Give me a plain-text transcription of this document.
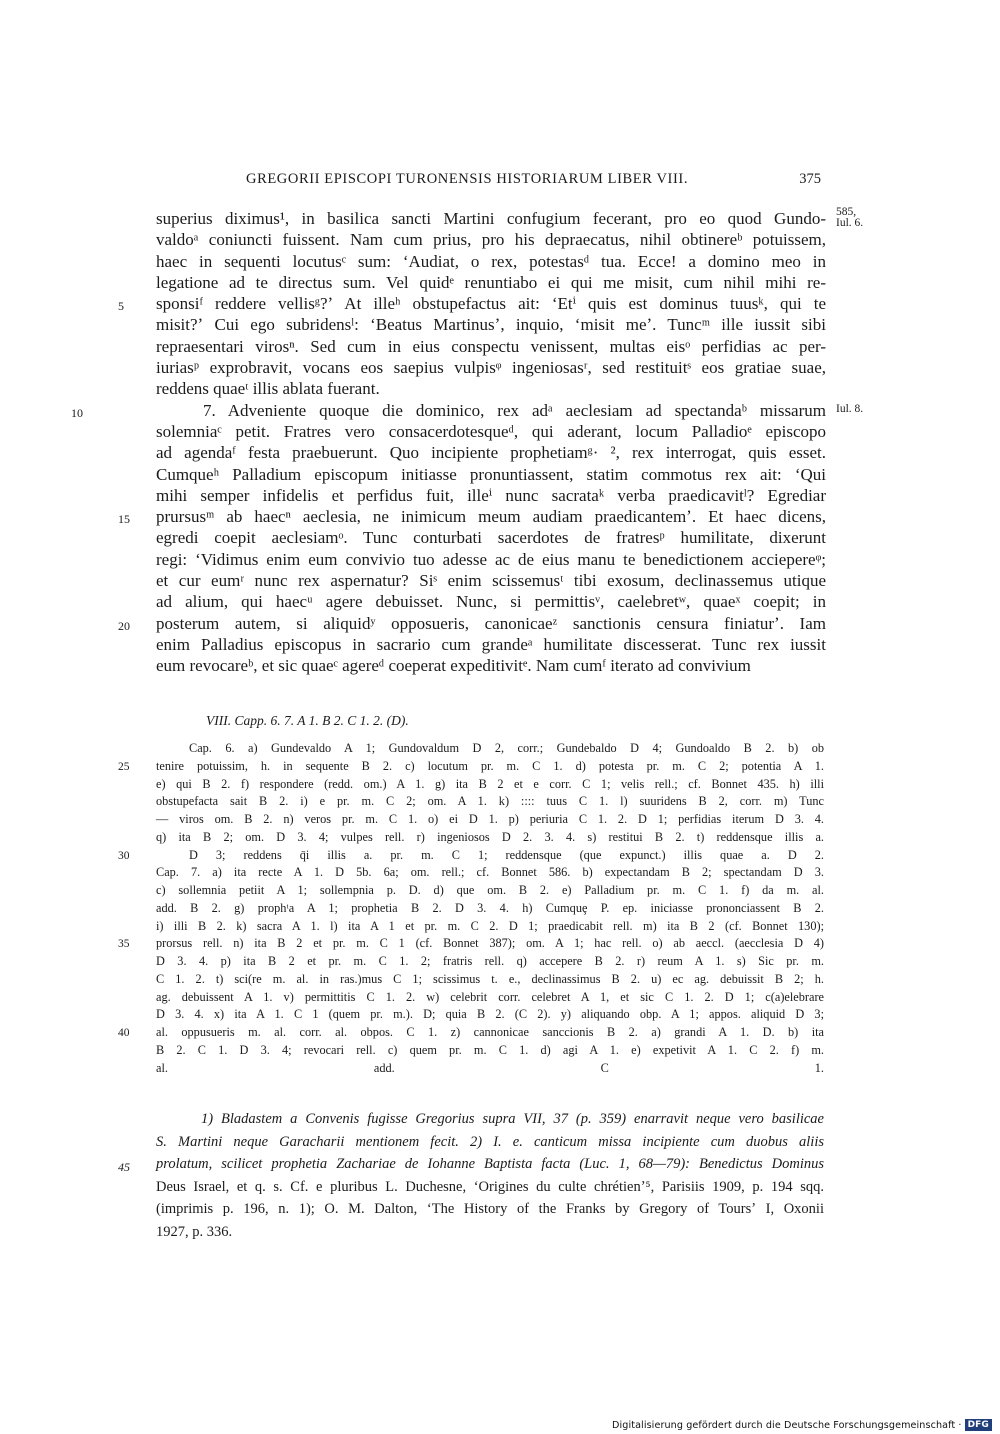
GREGORII EPISCOPI TURONENSIS HISTORIARUM LIBER VIII.	375
superius diximus¹, in basilica sancti Martini confugium fecerant, pro eo quod Gundo- 585,
Iul. 6.
valdoᵃ coniuncti fuissent. Nam cum prius, pro his depraecatus, nihil obtinereᵇ potuissem,
haec in sequenti locutusᶜ sum: ʻAudiat, o rex, potestasᵈ tua. Ecce! a domino meo in
legatione ad te directus sum. Vel quidᵉ renuntiabo ei qui me misit, cum nihil mihi re-
5	sponsiᶠ reddere vellisᵍ?ʼ At illeʰ obstupefactus ait: ʻEtⁱ quis est dominus tuusᵏ, qui te
misit?ʼ Cui ego subridensˡ: ʻBeatus Martinusʼ, inquio, ʻmisit meʼ. Tuncᵐ ille iussit sibi
repraesentari virosⁿ. Sed cum in eius conspectu venissent, multas eisᵒ perfidias ac per-
iuriasᵖ exprobravit, vocans eos saepius vulpisᵠ ingeniosasʳ, sed restituitˢ eos gratiae suae,
reddens quaeᵗ illis ablata fuerant.
10	7. Adveniente quoque die dominico, rex adᵃ aeclesiam ad spectandaᵇ missarum Iul. 8.
solemniaᶜ petit. Fratres vero consacerdotesqueᵈ, qui aderant, locum Palladioᵉ episcopo
ad agendaᶠ festa praebuerunt. Quo incipiente prophetiamᵍ· ², rex interrogat, quis esset.
Cumqueʰ Palladium episcopum initiasse pronuntiassent, statim commotus rex ait: ʻQui
mihi semper infidelis et perfidus fuit, illeⁱ nunc sacrataᵏ verba praedicavitˡ? Egrediar
15	prursusᵐ ab haecⁿ aeclesia, ne inimicum meum audiam praedicantemʼ. Et haec dicens,
egredi coepit aeclesiamᵒ. Tunc conturbati sacerdotes de fratresᵖ humilitate, dixerunt
regi: ʻVidimus enim eum convivio tuo adesse ac de eius manu te benedictionem acciepereᵠ;
et cur eumʳ nunc rex aspernatur? Siˢ enim scissemusᵗ tibi exosum, declinassemus utique
ad alium, qui haecᵘ agere debuisset. Nunc, si permittisᵛ, caelebretʷ, quaeˣ coepit; in
20	posterum autem, si aliquidʸ opposueris, canonicaeᶻ sanctionis censura finiaturʼ. Iam
enim Palladius episcopus in sacrario cum grandeᵃ humilitate discesserat. Tunc rex iussit
eum revocareᵇ, et sic quaeᶜ agereᵈ coeperat expeditivitᵉ. Nam cumᶠ iterato ad convivium
VIII. Capp. 6. 7. A 1. B 2. C 1. 2. (D).
Cap. 6. a) Gundevaldo A 1; Gundovaldum D 2, corr.; Gundebaldo D 4; Gundoaldo B 2. b) ob
25	tenire potuissim, h. in sequente B 2. c) locutum pr. m. C 1. d) potesta pr. m. C 2; potentia A 1.
e) qui B 2. f) respondere (redd. om.) A 1. g) ita B 2 et e corr. C 1; velis rell.; cf. Bonnet 435. h) illi
obstupefacta sait B 2. i) e pr. m. C 2; om. A 1. k) :::: tuus C 1. l) suuridens B 2, corr. m) Tunc
— viros om. B 2. n) veros pr. m. C 1. o) ei D 1. p) periuria C 1. 2. D 1; perfidias iterum D 3. 4.
q) ita B 2; om. D 3. 4; vulpes rell. r) ingeniosos D 2. 3. 4. s) restitui B 2. t) reddensque illis a.
30	D 3; reddens q̄i illis a. pr. m. C 1; reddensque (que expunct.) illis quae a. D 2.
Cap. 7. a) ita recte A 1. D 5b. 6a; om. rell.; cf. Bonnet 586. b) expectandam B 2; spectandam D 3.
c) sollemnia petiit A 1; sollempnia p. D. d) que om. B 2. e) Palladium pr. m. C 1. f) da m. al.
add. B 2. g) prophᵗa A 1; prophetia B 2. D 3. 4. h) Cumquȩ P. ep. iniciasse prononciassent B 2.
i) illi B 2. k) sacra A 1. l) ita A 1 et pr. m. C 2. D 1; praedicabit rell. m) ita B 2 (cf. Bonnet 130);
35	prorsus rell. n) ita B 2 et pr. m. C 1 (cf. Bonnet 387); om. A 1; hac rell. o) ab aeccl. (aecclesia D 4)
D 3. 4. p) ita B 2 et pr. m. C 1. 2; fratris rell. q) accepere B 2. r) reum A 1. s) Sic pr. m.
C 1. 2. t) sci(re m. al. in ras.)mus C 1; scissimus t. e., declinassimus B 2. u) ec ag. debuissit B 2; h.
ag. debuissent A 1. v) permittitis C 1. 2. w) celebrit corr. celebret A 1, et sic C 1. 2. D 1; c(a)elebrare
D 3. 4. x) ita A 1. C 1 (quem pr. m.). D; quia B 2. (C 2). y) aliquando obp. A 1; appos. aliquid D 3;
40	al. oppusueris m. al. corr. al. obpos. C 1. z) cannonicae sanccionis B 2. a) grandi A 1. D. b) ita
B 2. C 1. D 3. 4; revocari rell. c) quem pr. m. C 1. d) agi A 1. e) expetivit A 1. C 2. f) m.
al. add. C 1.
1) Bladastem a Convenis fugisse Gregorius supra VII, 37 (p. 359) enarravit neque vero basilicae
S. Martini neque Garacharii mentionem fecit. 2) I. e. canticum missa incipiente cum duobus aliis
45	prolatum, scilicet prophetia Zachariae de Iohanne Baptista facta (Luc. 1, 68—79): Benedictus Dominus
Deus Israel, et q. s. Cf. e pluribus L. Duchesne, ʻOrigines du culte chrétienʼ⁵, Parisiis 1909, p. 194 sqq.
(imprimis p. 196, n. 1); O. M. Dalton, ʻThe History of the Franks by Gregory of Toursʼ I, Oxonii
1927, p. 336.
Digitalisierung gefördert durch die Deutsche Forschungsgemeinschaft · DFG
